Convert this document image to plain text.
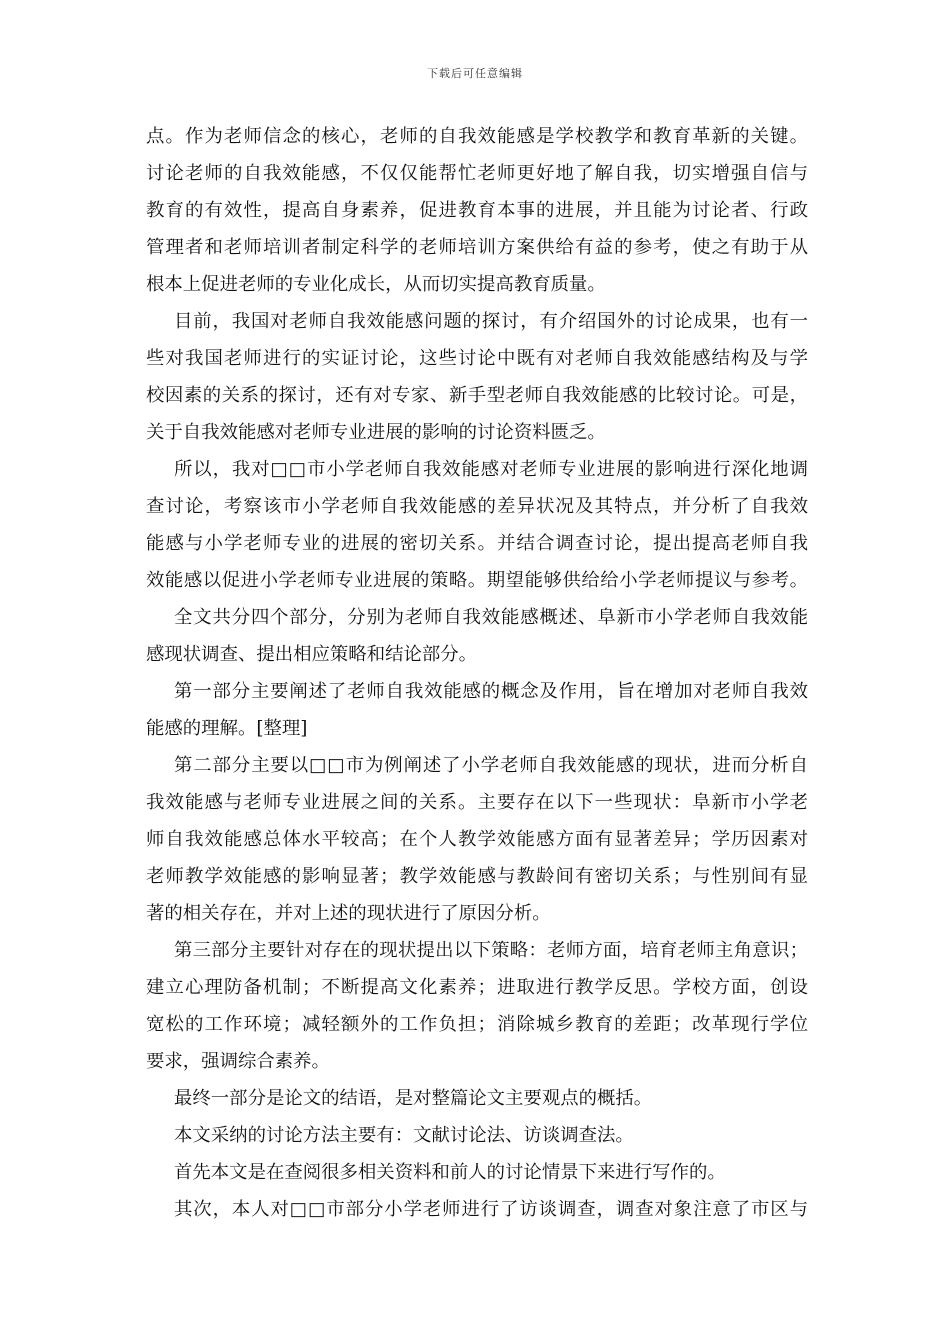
下载后可任意编辑
点。作为老师信念的核心，老师的自我效能感是学校教学和教育革新的关键。
讨论老师的自我效能感，不仅仅能帮忙老师更好地了解自我，切实增强自信与
教育的有效性，提高自身素养，促进教育本事的进展，并且能为讨论者、行政
管理者和老师培训者制定科学的老师培训方案供给有益的参考，使之有助于从
根本上促进老师的专业化成长，从而切实提高教育质量。
目前，我国对老师自我效能感问题的探讨，有介绍国外的讨论成果，也有一
些对我国老师进行的实证讨论，这些讨论中既有对老师自我效能感结构及与学
校因素的关系的探讨，还有对专家、新手型老师自我效能感的比较讨论。可是，
关于自我效能感对老师专业进展的影响的讨论资料匮乏。
所以，我对□□市小学老师自我效能感对老师专业进展的影响进行深化地调
查讨论，考察该市小学老师自我效能感的差异状况及其特点，并分析了自我效
能感与小学老师专业的进展的密切关系。并结合调查讨论，提出提高老师自我
效能感以促进小学老师专业进展的策略。期望能够供给给小学老师提议与参考。
全文共分四个部分，分别为老师自我效能感概述、阜新市小学老师自我效能
感现状调查、提出相应策略和结论部分。
第一部分主要阐述了老师自我效能感的概念及作用，旨在增加对老师自我效
能感的理解。[整理]
第二部分主要以□□市为例阐述了小学老师自我效能感的现状，进而分析自
我效能感与老师专业进展之间的关系。主要存在以下一些现状：阜新市小学老
师自我效能感总体水平较高；在个人教学效能感方面有显著差异；学历因素对
老师教学效能感的影响显著；教学效能感与教龄间有密切关系；与性别间有显
著的相关存在，并对上述的现状进行了原因分析。
第三部分主要针对存在的现状提出以下策略：老师方面，培育老师主角意识；
建立心理防备机制；不断提高文化素养；进取进行教学反思。学校方面，创设
宽松的工作环境；减轻额外的工作负担；消除城乡教育的差距；改革现行学位
要求，强调综合素养。
最终一部分是论文的结语，是对整篇论文主要观点的概括。
本文采纳的讨论方法主要有：文献讨论法、访谈调查法。
首先本文是在查阅很多相关资料和前人的讨论情景下来进行写作的。
其次，本人对□□市部分小学老师进行了访谈调查，调查对象注意了市区与
